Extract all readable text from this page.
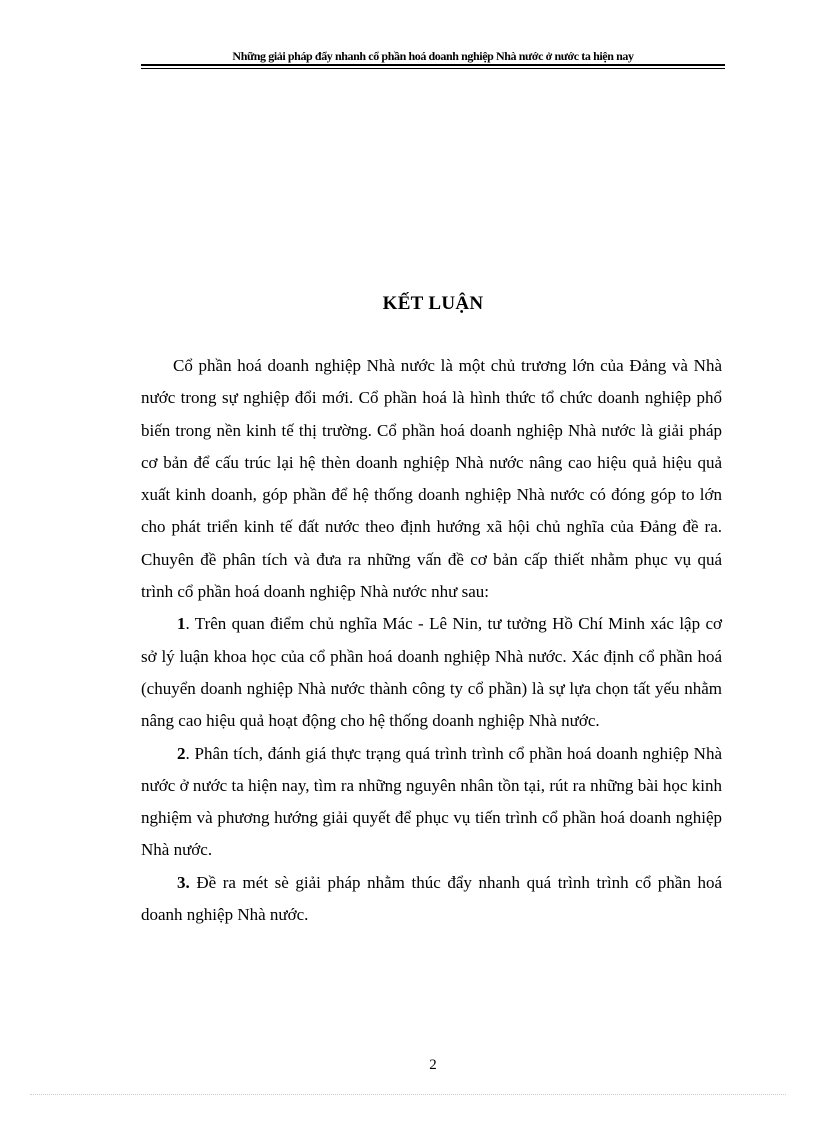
Những giải pháp đẩy nhanh cổ phần hoá doanh nghiệp Nhà nước ở nước ta hiện nay
KẾT LUẬN

Cổ phần hoá doanh nghiệp Nhà nước là một chủ trương lớn của Đảng và Nhà nước trong sự nghiệp đổi mới. Cổ phần hoá là hình thức tổ chức doanh nghiệp phổ biến trong nền kinh tế thị trường. Cổ phần hoá doanh nghiệp Nhà nước là giải pháp cơ bản để cấu trúc lại hệ thèn doanh nghiệp Nhà nước nâng cao hiệu quả hiệu quả xuất kinh doanh, góp phần để hệ thống doanh nghiệp Nhà nước có đóng góp to lớn cho phát triển kinh tế đất nước theo định hướng xã hội chủ nghĩa của Đảng đề ra. Chuyên đề phân tích và đưa ra những vấn đề cơ bản cấp thiết nhằm phục vụ quá trình cổ phần hoá doanh nghiệp Nhà nước như sau:

1. Trên quan điểm chủ nghĩa Mác - Lê Nin, tư tưởng Hồ Chí Minh xác lập cơ sở lý luận khoa học của cổ phần hoá doanh nghiệp Nhà nước. Xác định cổ phần hoá (chuyển doanh nghiệp Nhà nước thành công ty cổ phần) là sự lựa chọn tất yếu nhằm nâng cao hiệu quả hoạt động cho hệ thống doanh nghiệp Nhà nước.

2. Phân tích, đánh giá thực trạng quá trình trình cổ phần hoá doanh nghiệp Nhà nước ở nước ta hiện nay, tìm ra những nguyên nhân tồn tại, rút ra những bài học kinh nghiệm và phương hướng giải quyết để phục vụ tiến trình cổ phần hoá doanh nghiệp Nhà nước.

3. Đề ra mét sè giải pháp nhằm thúc đẩy nhanh quá trình trình cổ phần hoá doanh nghiệp Nhà nước.

2
